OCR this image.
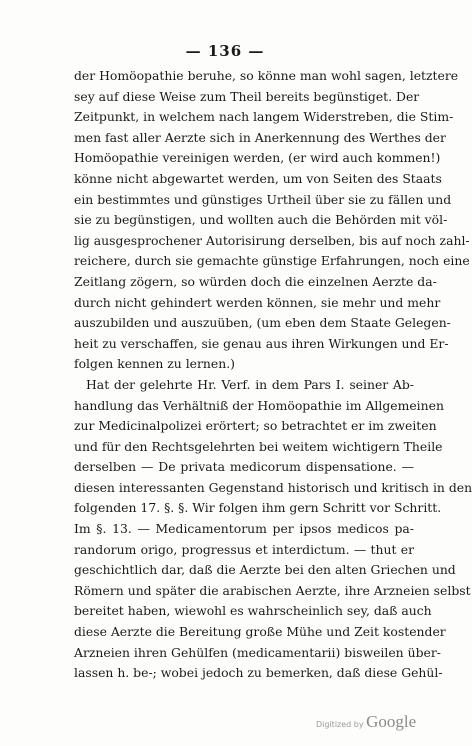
— 136 —
der Homöopathie beruhe, so könne man wohl sagen, letztere
sey auf diese Weise zum Theil bereits begünstiget. Der
Zeitpunkt, in welchem nach langem Widerstreben, die Stim-
men fast aller Aerzte sich in Anerkennung des Werthes der
Homöopathie vereinigen werden, (er wird auch kommen!)
könne nicht abgewartet werden, um von Seiten des Staats
ein bestimmtes und günstiges Urtheil über sie zu fällen und
sie zu begünstigen, und wollten auch die Behörden mit völ-
lig ausgesprochener Autorisirung derselben, bis auf noch zahl-
reichere, durch sie gemachte günstige Erfahrungen, noch eine
Zeitlang zögern, so würden doch die einzelnen Aerzte da-
durch nicht gehindert werden können, sie mehr und mehr
auszubilden und auszuüben, (um eben dem Staate Gelegen-
heit zu verschaffen, sie genau aus ihren Wirkungen und Er-
folgen kennen zu lernen.)
Hat der gelehrte Hr. Verf. in dem Pars I. seiner Ab-
handlung das Verhältniß der Homöopathie im Allgemeinen
zur Medicinalpolizei erörtert; so betrachtet er im zweiten
und für den Rechtsgelehrten bei weitem wichtigern Theile
derselben — De privata medicorum dispensatione. —
diesen interessanten Gegenstand historisch und kritisch in den
folgenden 17. §. §. Wir folgen ihm gern Schritt vor Schritt.
Im §. 13. — Medicamentorum per ipsos medicos pa-
randorum origo, progressus et interdictum. — thut er
geschichtlich dar, daß die Aerzte bei den alten Griechen und
Römern und später die arabischen Aerzte, ihre Arzneien selbst
bereitet haben, wiewohl es wahrscheinlich sey, daß auch
diese Aerzte die Bereitung große Mühe und Zeit kostender
Arzneien ihren Gehülfen (medicamentarii) bisweilen über-
lassen h. be-; wobei jedoch zu bemerken, daß diese Gehül-
Digitized by Google
